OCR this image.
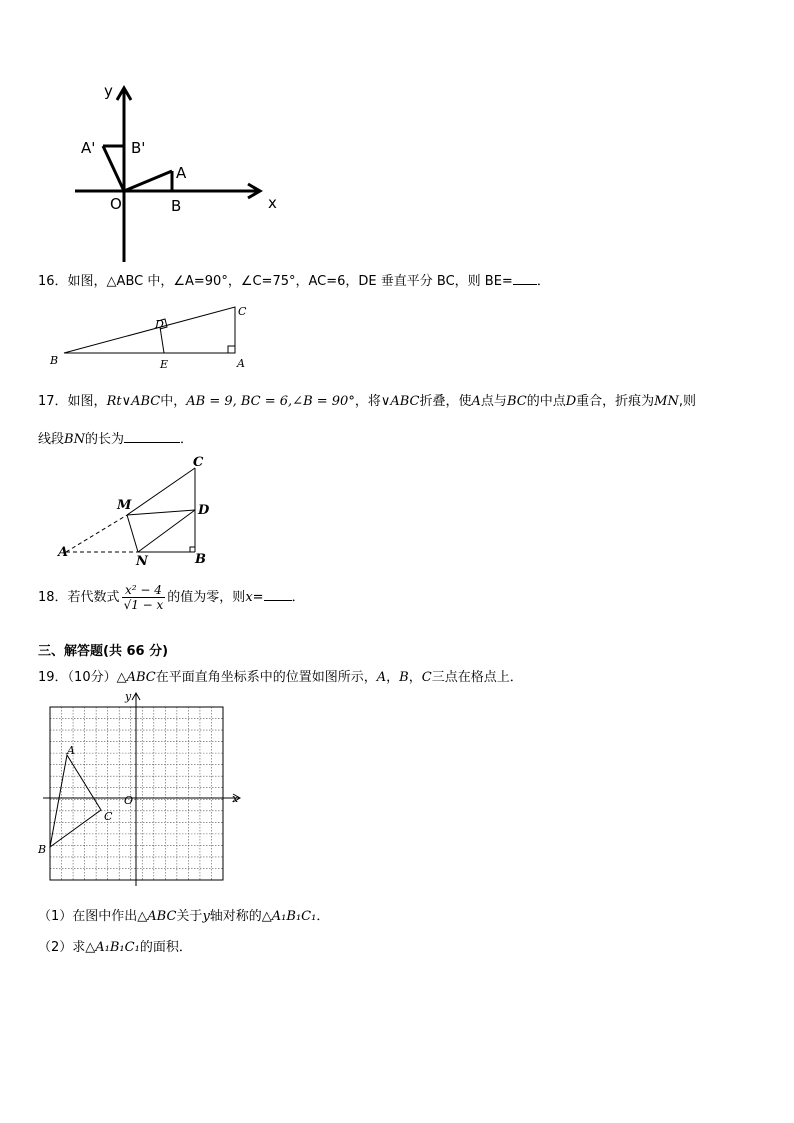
y
x
O
A
B
A' B'
16．如图，△ABC 中，∠A=90°，∠C=75°，AC=6，DE 垂直平分 BC，则 BE= ．
B
C
D
E	A
17．如图，Rt∨ABC中，AB = 9, BC = 6,∠B = 90°，将∨ABC折叠，使A点与BC的中点D重合，折痕为MN,则
线段BN的长为	．
C
M	D
A
N	B
18．若代数式 $\frac{\text{x² − 4}}{√1 - x}$ 的值为零，则x= ．
三、解答题(共 66 分)
19．（10分）△ABC在平面直角坐标系中的位置如图所示，A，B，C三点在格点上．
y
x
O
A
B
C
（1）在图中作出△ABC关于y轴对称的△A₁B₁C₁．
（2）求△A₁B₁C₁的面积．
